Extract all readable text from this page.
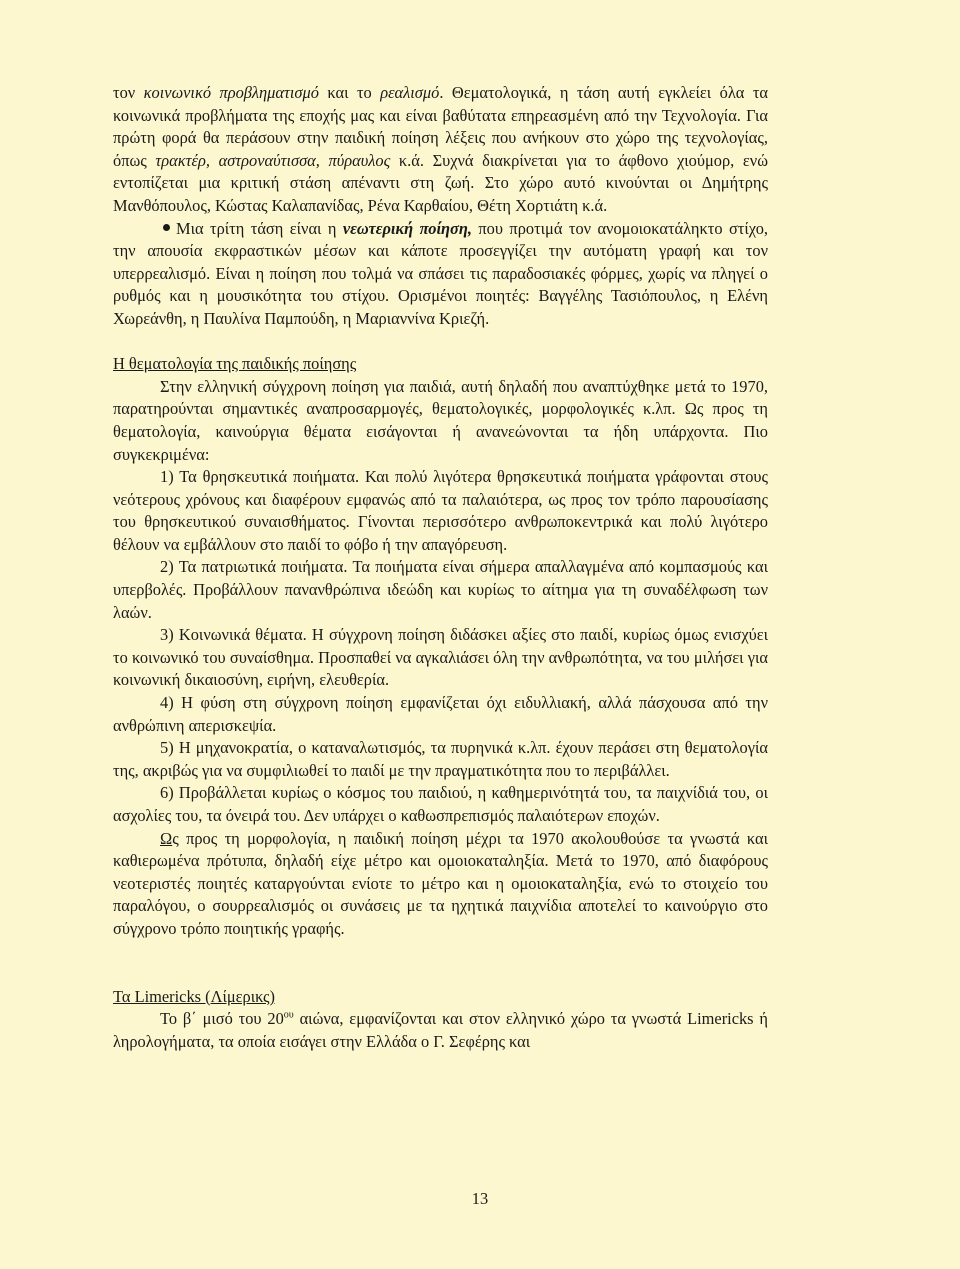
τον κοινωνικό προβληματισμό και το ρεαλισμό. Θεματολογικά, η τάση αυτή εγκλείει όλα τα κοινωνικά προβλήματα της εποχής μας και είναι βαθύτατα επηρεασμένη από την Τεχνολογία. Για πρώτη φορά θα περάσουν στην παιδική ποίηση λέξεις που ανήκουν στο χώρο της τεχνολογίας, όπως τρακτέρ, αστροναύτισσα, πύραυλος κ.ά. Συχνά διακρίνεται για το άφθονο χιούμορ, ενώ εντοπίζεται μια κριτική στάση απέναντι στη ζωή. Στο χώρο αυτό κινούνται οι Δημήτρης Μανθόπουλος, Κώστας Καλαπανίδας, Ρένα Καρθαίου, Θέτη Χορτιάτη κ.ά.

Μια τρίτη τάση είναι η νεωτερική ποίηση, που προτιμά τον ανομοιοκατάληκτο στίχο, την απουσία εκφραστικών μέσων και κάποτε προσεγγίζει την αυτόματη γραφή και τον υπερρεαλισμό. Είναι η ποίηση που τολμά να σπάσει τις παραδοσιακές φόρμες, χωρίς να πληγεί ο ρυθμός και η μουσικότητα του στίχου. Ορισμένοι ποιητές: Βαγγέλης Τασιόπουλος, η Ελένη Χωρεάνθη, η Παυλίνα Παμπούδη, η Μαριαννίνα Κριεζή.

Η θεματολογία της παιδικής ποίησης

Στην ελληνική σύγχρονη ποίηση για παιδιά, αυτή δηλαδή που αναπτύχθηκε μετά το 1970, παρατηρούνται σημαντικές αναπροσαρμογές, θεματολογικές, μορφολογικές κ.λπ. Ως προς τη θεματολογία, καινούργια θέματα εισάγονται ή ανανεώνονται τα ήδη υπάρχοντα. Πιο συγκεκριμένα:

1) Τα θρησκευτικά ποιήματα. Και πολύ λιγότερα θρησκευτικά ποιήματα γράφονται στους νεότερους χρόνους και διαφέρουν εμφανώς από τα παλαιότερα, ως προς τον τρόπο παρουσίασης του θρησκευτικού συναισθήματος. Γίνονται περισσότερο ανθρωποκεντρικά και πολύ λιγότερο θέλουν να εμβάλλουν στο παιδί το φόβο ή την απαγόρευση.

2) Τα πατριωτικά ποιήματα. Τα ποιήματα είναι σήμερα απαλλαγμένα από κομπασμούς και υπερβολές. Προβάλλουν πανανθρώπινα ιδεώδη και κυρίως το αίτημα για τη συναδέλφωση των λαών.

3) Κοινωνικά θέματα. Η σύγχρονη ποίηση διδάσκει αξίες στο παιδί, κυρίως όμως ενισχύει το κοινωνικό του συναίσθημα. Προσπαθεί να αγκαλιάσει όλη την ανθρωπότητα, να του μιλήσει για κοινωνική δικαιοσύνη, ειρήνη, ελευθερία.

4) Η φύση στη σύγχρονη ποίηση εμφανίζεται όχι ειδυλλιακή, αλλά πάσχουσα από την ανθρώπινη απερισκεψία.

5) Η μηχανοκρατία, ο καταναλωτισμός, τα πυρηνικά κ.λπ. έχουν περάσει στη θεματολογία της, ακριβώς για να συμφιλιωθεί το παιδί με την πραγματικότητα που το περιβάλλει.

6) Προβάλλεται κυρίως ο κόσμος του παιδιού, η καθημερινότητά του, τα παιχνίδιά του, οι ασχολίες του, τα όνειρά του. Δεν υπάρχει ο καθωσπρεπισμός παλαιότερων εποχών.

Ως προς τη μορφολογία, η παιδική ποίηση μέχρι τα 1970 ακολουθούσε τα γνωστά και καθιερωμένα πρότυπα, δηλαδή είχε μέτρο και ομοιοκαταληξία. Μετά το 1970, από διαφόρους νεοτεριστές ποιητές καταργούνται ενίοτε το μέτρο και η ομοιοκαταληξία, ενώ το στοιχείο του παραλόγου, ο σουρρεαλισμός οι συνάσεις με τα ηχητικά παιχνίδια αποτελεί το καινούργιο στο σύγχρονο τρόπο ποιητικής γραφής.

Τα Limericks (Λίμερικς)

Το β΄ μισό του $20^{o\upsilon}$ αιώνα, εμφανίζονται και στον ελληνικό χώρο τα γνωστά Limericks ή ληρολογήματα, τα οποία εισάγει στην Ελλάδα ο Γ. Σεφέρης και

13
